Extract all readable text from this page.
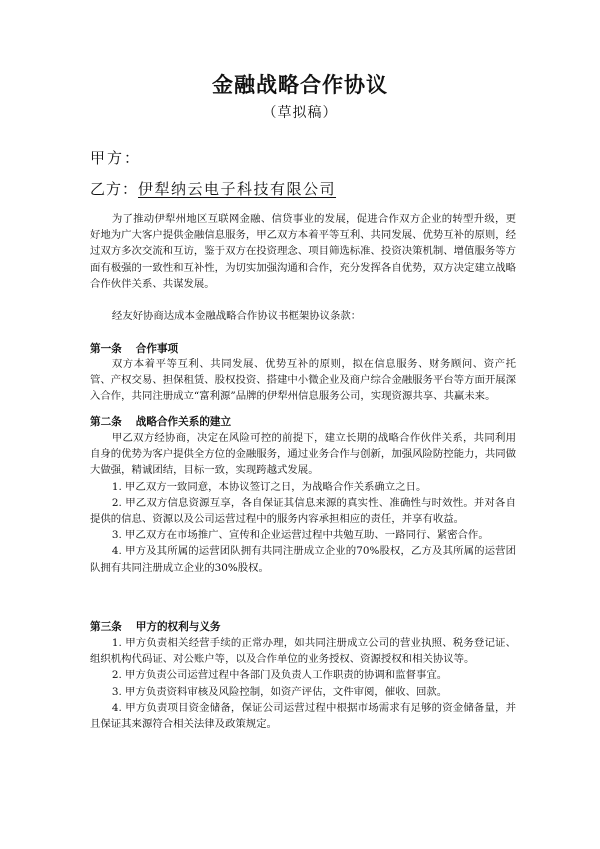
金融战略合作协议
（草拟稿）
甲方：
乙方：伊犁纳云电子科技有限公司

为了推动伊犁州地区互联网金融、信贷事业的发展，促进合作双方企业的转型升级，更好地为广大客户提供金融信息服务，甲乙双方本着平等互利、共同发展、优势互补的原则，经过双方多次交流和互访，鉴于双方在投资理念、项目筛选标准、投资决策机制、增值服务等方面有极强的一致性和互补性，为切实加强沟通和合作，充分发挥各自优势，双方决定建立战略合作伙伴关系、共谋发展。

经友好协商达成本金融战略合作协议书框架协议条款：

第一条 合作事项

双方本着平等互利、共同发展、优势互补的原则，拟在信息服务、财务顾问、资产托管、产权交易、担保租赁、股权投资、搭建中小微企业及商户综合金融服务平台等方面开展深入合作，共同注册成立“富利源”品牌的伊犁州信息服务公司，实现资源共享、共赢未来。

第二条 战略合作关系的建立

甲乙双方经协商，决定在风险可控的前提下，建立长期的战略合作伙伴关系，共同利用自身的优势为客户提供全方位的金融服务，通过业务合作与创新，加强风险防控能力，共同做大做强，精诚团结，目标一致，实现跨越式发展。

1. 甲乙双方一致同意，本协议签订之日，为战略合作关系确立之日。

2. 甲乙双方信息资源互享，各自保证其信息来源的真实性、准确性与时效性。并对各自提供的信息、资源以及公司运营过程中的服务内容承担相应的责任，并享有收益。

3. 甲乙双方在市场推广、宣传和企业运营过程中共勉互助、一路同行、紧密合作。

4. 甲方及其所属的运营团队拥有共同注册成立企业的70%股权，乙方及其所属的运营团队拥有共同注册成立企业的30%股权。

第三条 甲方的权利与义务

1. 甲方负责相关经营手续的正常办理，如共同注册成立公司的营业执照、税务登记证、组织机构代码证、对公账户等，以及合作单位的业务授权、资源授权和相关协议等。

2. 甲方负责公司运营过程中各部门及负责人工作职责的协调和监督事宜。

3. 甲方负责资料审核及风险控制，如资产评估，文件审阅，催收、回款。

4. 甲方负责项目资金储备，保证公司运营过程中根据市场需求有足够的资金储备量，并且保证其来源符合相关法律及政策规定。
